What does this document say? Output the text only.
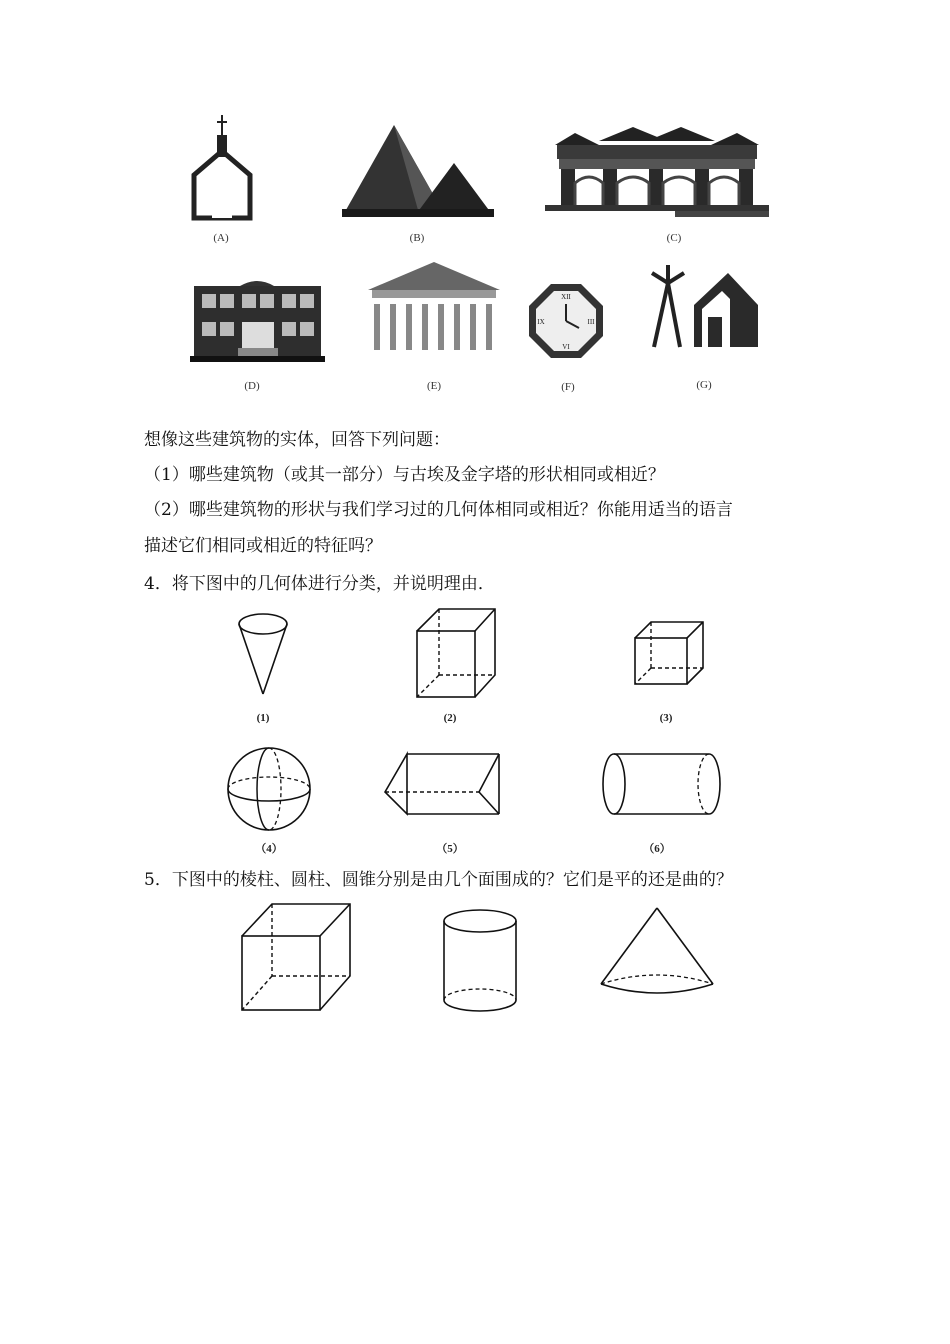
(A)	(B)	(C)
(D)	(E)
XII
VI
III
IX
(F)	(G)
想像这些建筑物的实体，回答下列问题：
（1）哪些建筑物（或其一部分）与古埃及金字塔的形状相同或相近？
（2）哪些建筑物的形状与我们学习过的几何体相同或相近？你能用适当的语言
描述它们相同或相近的特征吗？
4．将下图中的几何体进行分类，并说明理由．
(1)	(2)	(3)
（4）	（5）	（6）
5．下图中的棱柱、圆柱、圆锥分别是由几个面围成的？它们是平的还是曲的？
